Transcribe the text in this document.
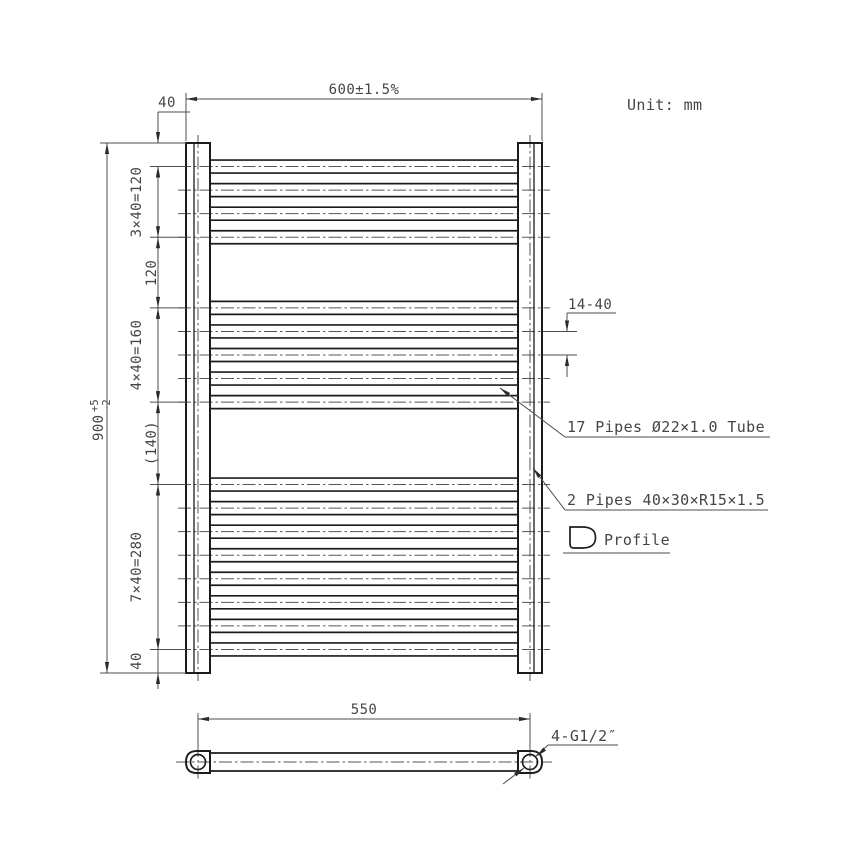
Unit: mm
600±1.5%
40
900
+5 -2
3×40=120
120
4×40=160
(140)
7×40=280
40
14-40
17 Pipes Ø22×1.0 Tube
2 Pipes 40×30×R15×1.5
Profile
550
4-G1/2″
